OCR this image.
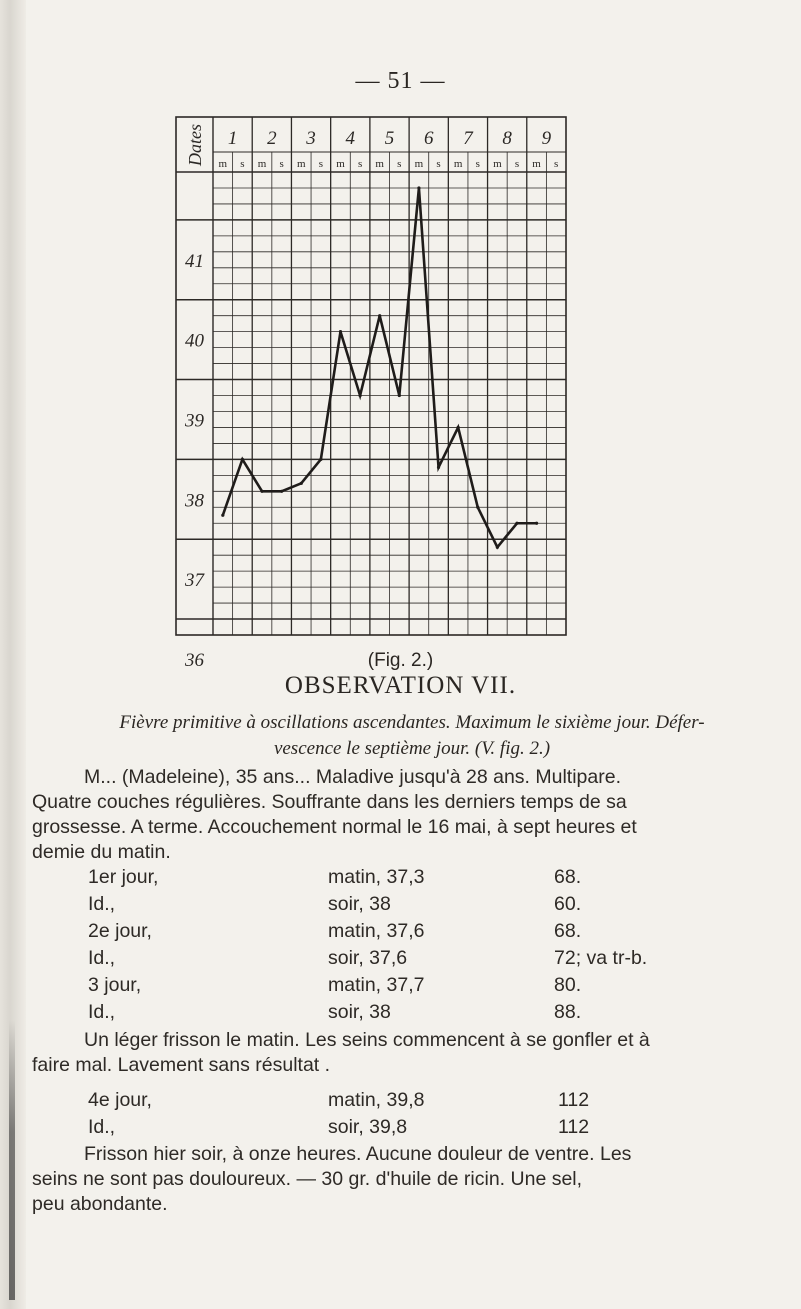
— 51 —
Dates 1
m s
2
m s
3
m s
4
m s
5
m s
6
m s
7
m s
8
m s
9
m s
41
40
39
38
37
36	(Fig. 2.)
OBSERVATION VII.
Fièvre primitive à oscillations ascendantes. Maximum le sixième jour. Défer-
vescence le septième jour. (V. fig. 2.)
M... (Madeleine), 35 ans... Maladive jusqu'à 28 ans. Multipare.
Quatre couches régulières. Souffrante dans les derniers temps de sa
grossesse. A terme. Accouchement normal le 16 mai, à sept heures et
demie du matin.
1er jour,	matin, 37,3	68.
Id.,	soir, 38	60.
2e jour,	matin, 37,6	68.
Id.,	soir, 37,6	72; va tr-b.
3 jour,	matin, 37,7	80.
Id.,	soir, 38	88.
Un léger frisson le matin. Les seins commencent à se gonfler et à
faire mal. Lavement sans résultat .
4e jour,	matin, 39,8	112
Id.,	soir, 39,8	112
Frisson hier soir, à onze heures. Aucune douleur de ventre. Les
seins ne sont pas douloureux. — 30 gr. d'huile de ricin. Une sel,
peu abondante.
